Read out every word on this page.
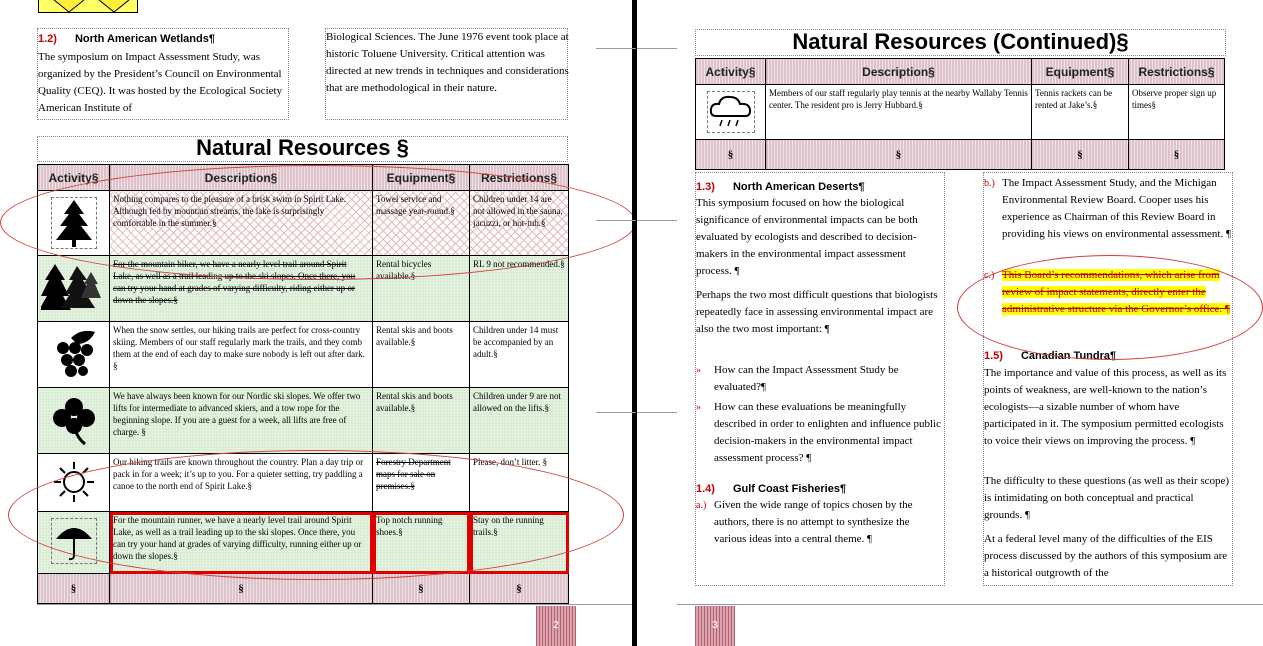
1.2) North American Wetlands¶
The symposium on Impact Assessment Study, was organized by the President’s Council on Environmental Quality (CEQ). It was hosted by the Ecological Society American Institute of
Biological Sciences. The June 1976 event took place at historic Toluene University. Critical attention was directed at new trends in techniques and considerations that are methodological in their nature.
Natural Resources §
Activity§	Description§	Equipment§	Restrictions§
	Nothing compares to the pleasure of a brisk swim in Spirit Lake. Although fed by mountain streams, the lake is surprisingly comfortable in the summer.§	Towel service and massage year-round.§	Children under 14 are not allowed in the sauna, jacuzzi, or hot-tub.§
	For the mountain biker, we have a nearly level trail around Spirit Lake, as well as a trail leading up to the ski slopes. Once there, you can try your hand at grades of varying difficulty, riding either up or down the slopes.§	Rental bicycles available.§	RL 9 not recommended.§
	When the snow settles, our hiking trails are perfect for cross-country skiing. Members of our staff regularly mark the trails, and they comb them at the end of each day to make sure nobody is left out after dark. §	Rental skis and boots available.§	Children under 14 must be accompanied by an adult.§
	We have always been known for our Nordic ski slopes. We offer two lifts for intermediate to advanced skiers, and a tow rope for the beginning slope. If you are a guest for a week, all lifts are free of charge. §	Rental skis and boots available.§	Children under 9 are not allowed on the lifts.§
	Our hiking trails are known throughout the country. Plan a day trip or pack in for a week; it’s up to you. For a quieter setting, try paddling a canoe to the north end of Spirit Lake.§	Forestry Department maps for sale on premises.§	Please, don’t litter. §
	For the mountain runner, we have a nearly level trail around Spirit Lake, as well as a trail leading up to the ski slopes. Once there, you can try your hand at grades of varying difficulty, running either up or down the slopes.§	Top notch running shoes.§	Stay on the running trails.§
§	§	§	§
2
Natural Resources (Continued)§
Activity§	Description§	Equipment§	Restrictions§
	Members of our staff regularly play tennis at the nearby Wallaby Tennis center. The resident pro is Jerry Hubbard.§	Tennis rackets can be rented at Jake’s.§	Observe proper sign up times§
§	§	§	§
1.3) North American Deserts¶
This symposium focused on how the biological significance of environmental impacts can be both evaluated by ecologists and described to decision-makers in the environmental impact assessment process. ¶
Perhaps the two most difficult questions that biologists repeatedly face in assessing environmental impact are also the two most important: ¶
» How can the Impact Assessment Study be evaluated?¶
» How can these evaluations be meaningfully described in order to enlighten and influence public decision-makers in the environmental impact assessment process? ¶
1.4) Gulf Coast Fisheries¶
a.) Given the wide range of topics chosen by the authors, there is no attempt to synthesize the various ideas into a central theme. ¶
b.) The Impact Assessment Study, and the Michigan Environmental Review Board. Cooper uses his experience as Chairman of this Review Board in providing his views on environmental assessment. ¶
c.) This Board’s recommendations, which arise from review of impact statements, directly enter the administrative structure via the Governor’s office. ¶
1.5) Canadian Tundra¶
The importance and value of this process, as well as its points of weakness, are well-known to the nation’s ecologists—a sizable number of whom have participated in it. The symposium permitted ecologists to voice their views on improving the process. ¶
The difficulty to these questions (as well as their scope) is intimidating on both conceptual and practical grounds. ¶
At a federal level many of the difficulties of the EIS process discussed by the authors of this symposium are a historical outgrowth of the
3
